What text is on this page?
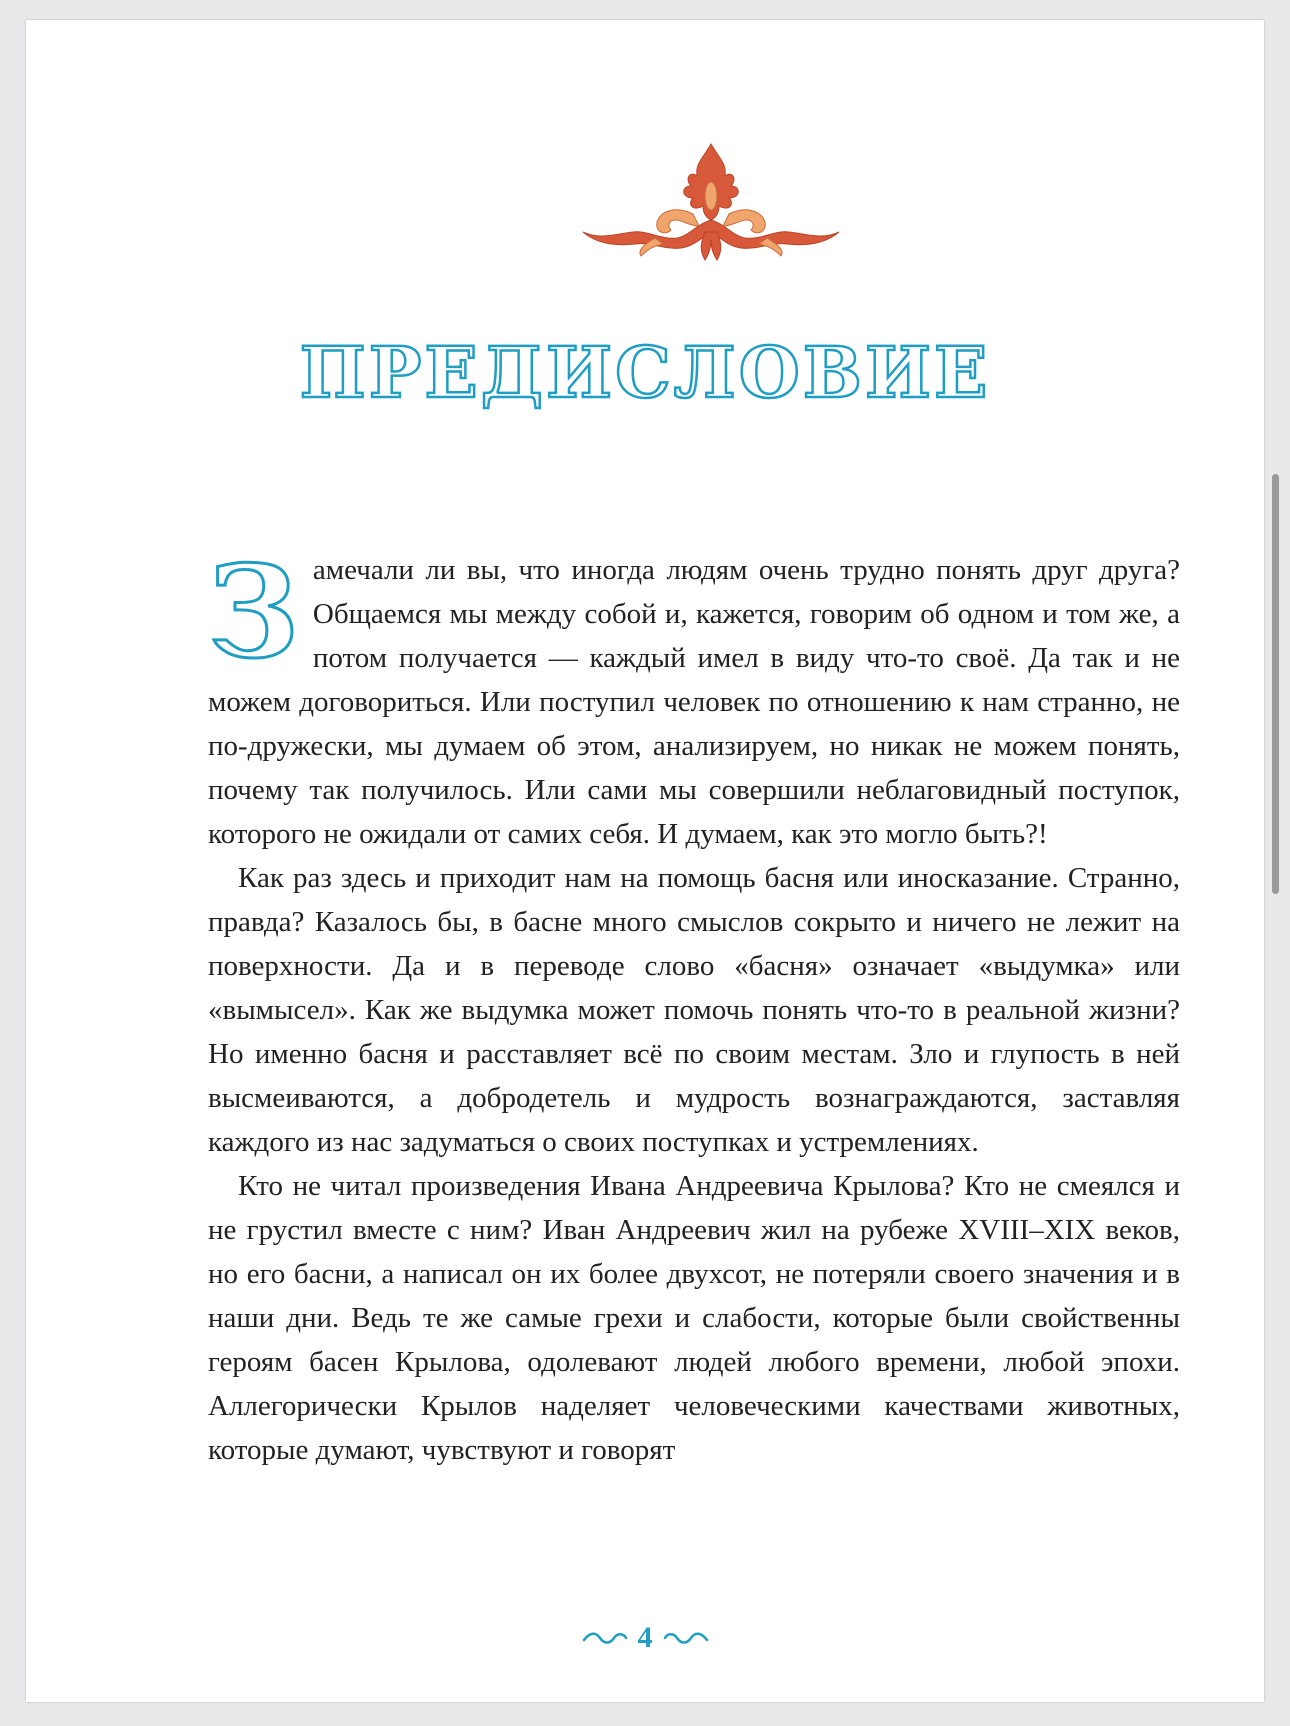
ПРЕДИСЛОВИЕ

Замечали ли вы, что иногда людям очень трудно понять друг друга? Общаемся мы между собой и, кажется, говорим об одном и том же, а потом получается — каждый имел в виду что-то своё. Да так и не можем договориться. Или поступил человек по отношению к нам странно, не по-дружески, мы думаем об этом, анализируем, но никак не можем понять, почему так получилось. Или сами мы совершили неблаговидный поступок, которого не ожидали от самих себя. И думаем, как это могло быть?!

Как раз здесь и приходит нам на помощь басня или иносказание. Странно, правда? Казалось бы, в басне много смыслов сокрыто и ничего не лежит на поверхности. Да и в переводе слово «басня» означает «выдумка» или «вымысел». Как же выдумка может помочь понять что-то в реальной жизни? Но именно басня и расставляет всё по своим местам. Зло и глупость в ней высмеиваются, а добродетель и мудрость вознаграждаются, заставляя каждого из нас задуматься о своих поступках и устремлениях.

Кто не читал произведения Ивана Андреевича Крылова? Кто не смеялся и не грустил вместе с ним? Иван Андреевич жил на рубеже XVIII–XIX веков, но его басни, а написал он их более двухсот, не потеряли своего значения и в наши дни. Ведь те же самые грехи и слабости, которые были свойственны героям басен Крылова, одолевают людей любого времени, любой эпохи. Аллегорически Крылов наделяет человеческими качествами животных, которые думают, чувствуют и говорят

4
